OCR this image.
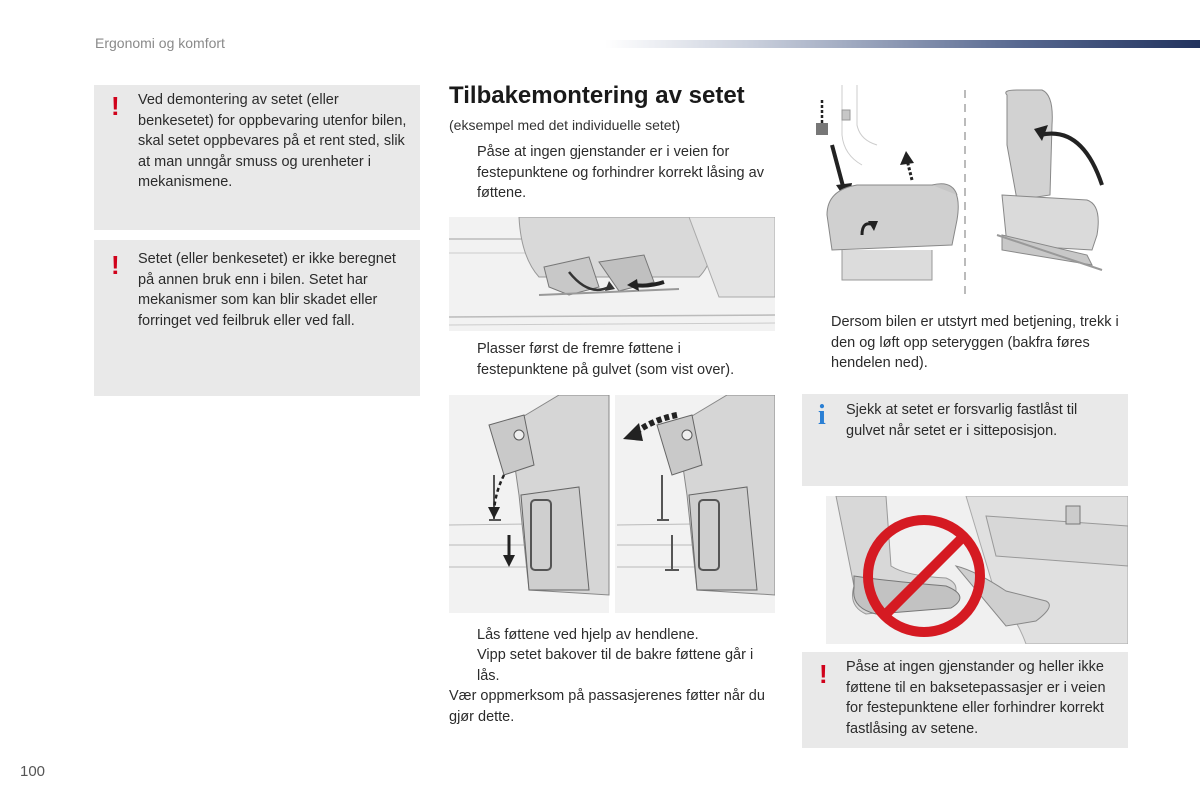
Ergonomi og komfort
! Ved demontering av setet (eller benkesetet) for oppbevaring utenfor bilen, skal setet oppbevares på et rent sted, slik at man unngår smuss og urenheter i mekanismene.
! Setet (eller benkesetet) er ikke beregnet på annen bruk enn i bilen. Setet har mekanismer som kan blir skadet eller forringet ved feilbruk eller ved fall.
Tilbakemontering av setet
(eksempel med det individuelle setet)
Påse at ingen gjenstander er i veien for festepunktene og forhindrer korrekt låsing av føttene.
Plasser først de fremre føttene i festepunktene på gulvet (som vist over).
Lås føttene ved hjelp av hendlene.
Vipp setet bakover til de bakre føttene går i lås.
Vær oppmerksom på passasjerenes føtter når du gjør dette.
Dersom bilen er utstyrt med betjening, trekk i den og løft opp seteryggen (bakfra føres hendelen ned).
i Sjekk at setet er forsvarlig fastlåst til gulvet når setet er i sitteposisjon.
! Påse at ingen gjenstander og heller ikke føttene til en baksetepassasjer er i veien for festepunktene eller forhindrer korrekt fastlåsing av setene.
100
